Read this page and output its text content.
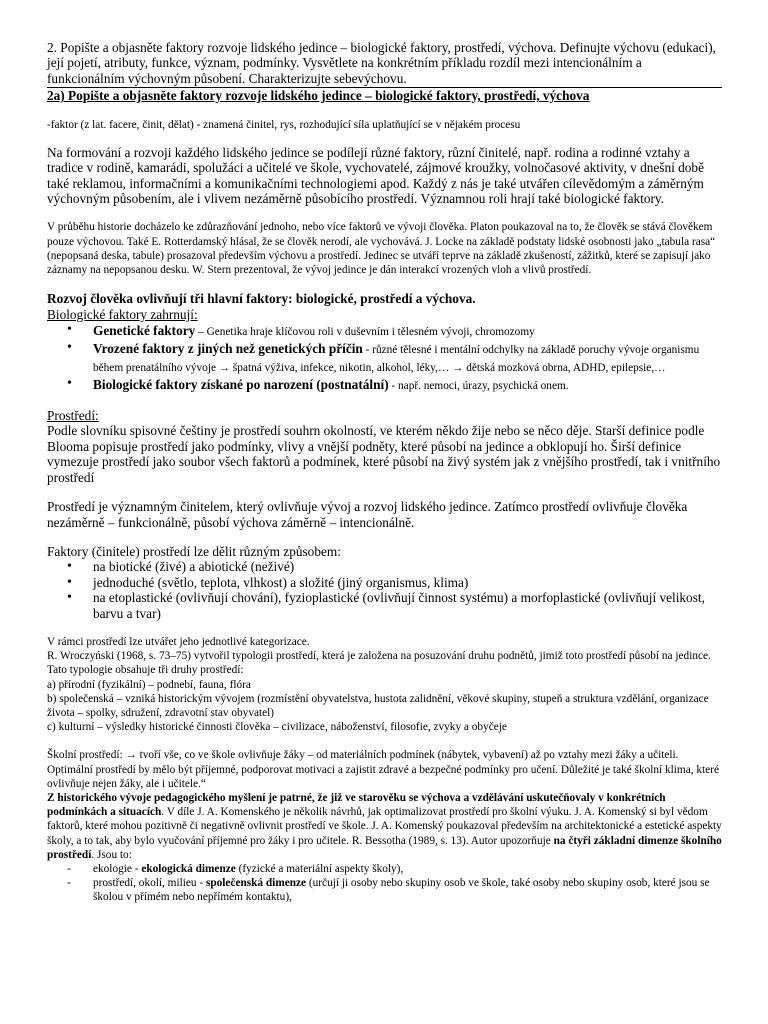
2. Popište a objasněte faktory rozvoje lidského jedince – biologické faktory, prostředí, výchova. Definujte výchovu (edukaci), její pojetí, atributy, funkce, význam, podmínky. Vysvětlete na konkrétním příkladu rozdíl mezi intencionálním a funkcionálním výchovným působení. Charakterizujte sebevýchovu.

2a) Popište a objasněte faktory rozvoje lidského jedince – biologické faktory, prostředí, výchova

-faktor (z lat. facere, činit, dělat) - znamená činitel, rys, rozhodující síla uplatňující se v nějakém procesu

Na formování a rozvoji každého lidského jedince se podílejí různé faktory, různí činitelé, např. rodina a rodinné vztahy a tradice v rodině, kamarádi, spolužáci a učitelé ve škole, vychovatelé, zájmové kroužky, volnočasové aktivity, v dnešní době také reklamou, informačními a komunikačními technologiemi apod. Každý z nás je také utvářen cílevědomým a záměrným výchovným působením, ale i vlivem nezáměrně působícího prostředí. Významnou roli hrají také biologické faktory.

V průběhu historie docházelo ke zdůrazňování jednoho, nebo více faktorů ve vývoji člověka. Platon poukazoval na to, že člověk se stává člověkem pouze výchovou. Také E. Rotterdamský hlásal, že se člověk nerodí, ale vychovává. J. Locke na základě podstaty lidské osobnosti jako „tabula rasa“ (nepopsaná deska, tabule) prosazoval především výchovu a prostředí. Jedinec se utváří teprve na základě zkušeností, zážitků, které se zapisují jako záznamy na nepopsanou desku. W. Stern prezentoval, že vývoj jedince je dán interakcí vrozených vloh a vlivů prostředí.

Rozvoj člověka ovlivňují tři hlavní faktory: biologické, prostředí a výchova.

Biologické faktory zahrnují:

• Genetické faktory – Genetika hraje klíčovou roli v duševním i tělesném vývoji, chromozomy
• Vrozené faktory z jiných než genetických příčin - různé tělesné i mentální odchylky na základě poruchy vývoje organismu během prenatálního vývoje → špatná výživa, infekce, nikotin, alkohol, léky,… → dětská mozková obrna, ADHD, epilepsie,…
• Biologické faktory získané po narození (postnatální) - např. nemoci, úrazy, psychická onem.

Prostředí:

Podle slovníku spisovné češtiny je prostředí souhrn okolností, ve kterém někdo žije nebo se něco děje. Starší definice podle Blooma popisuje prostředí jako podmínky, vlivy a vnější podněty, které působí na jedince a obklopují ho. Širší definice vymezuje prostředí jako soubor všech faktorů a podmínek, které působí na živý systém jak z vnějšího prostředí, tak i vnitřního prostředí

Prostředí je významným činitelem, který ovlivňuje vývoj a rozvoj lidského jedince. Zatímco prostředí ovlivňuje člověka nezáměrně – funkcionálně, působí výchova záměrně – intencionálně.

Faktory (činitele) prostředí lze dělit různým způsobem:

• na biotické (živé) a abiotické (neživé)
• jednoduché (světlo, teplota, vlhkost) a složité (jiný organismus, klima)
• na etoplastické (ovlivňují chování), fyzioplastické (ovlivňují činnost systému) a morfoplastické (ovlivňují velikost, barvu a tvar)

V rámci prostředí lze utvářet jeho jednotlivé kategorizace.

R. Wroczyński (1968, s. 73–75) vytvořil typologii prostředí, která je založena na posuzování druhu podnětů, jimiž toto prostředí působí na jedince. Tato typologie obsahuje tři druhy prostředí:

a) přírodní (fyzikální) – podnebí, fauna, flóra

b) společenská – vzniká historickým vývojem (rozmístění obyvatelstva, hustota zalidnění, věkové skupiny, stupeň a struktura vzdělání, organizace života – spolky, sdružení, zdravotní stav obyvatel)

c) kulturní – výsledky historické činnosti člověka – civilizace, náboženství, filosofie, zvyky a obyčeje

Školní prostředí: → tvoří vše, co ve škole ovlivňuje žáky – od materiálních podmínek (nábytek, vybavení) až po vztahy mezi žáky a učiteli. Optimální prostředí by mělo být příjemné, podporovat motivaci a zajistit zdravé a bezpečné podmínky pro učení. Důležité je také školní klima, které ovlivňuje nejen žáky, ale i učitele.“

Z historického vývoje pedagogického myšlení je patrné, že již ve starověku se výchova a vzdělávání uskutečňovaly v konkrétních podmínkách a situacích. V díle J. A. Komenského je několik návrhů, jak optimalizovat prostředí pro školní výuku. J. A. Komenský si byl vědom faktorů, které mohou pozitivně či negativně ovlivnit prostředí ve škole. J. A. Komenský poukazoval především na architektonické a estetické aspekty školy, a to tak, aby bylo vyučování příjemné pro žáky i pro učitele. R. Bessotha (1989, s. 13). Autor upozorňuje na čtyři základní dimenze školního prostředí. Jsou to:

- ekologie - ekologická dimenze (fyzické a materiální aspekty školy),
- prostředí, okolí, milieu - společenská dimenze (určují ji osoby nebo skupiny osob ve škole, také osoby nebo skupiny osob, které jsou se školou v přímém nebo nepřímém kontaktu),
